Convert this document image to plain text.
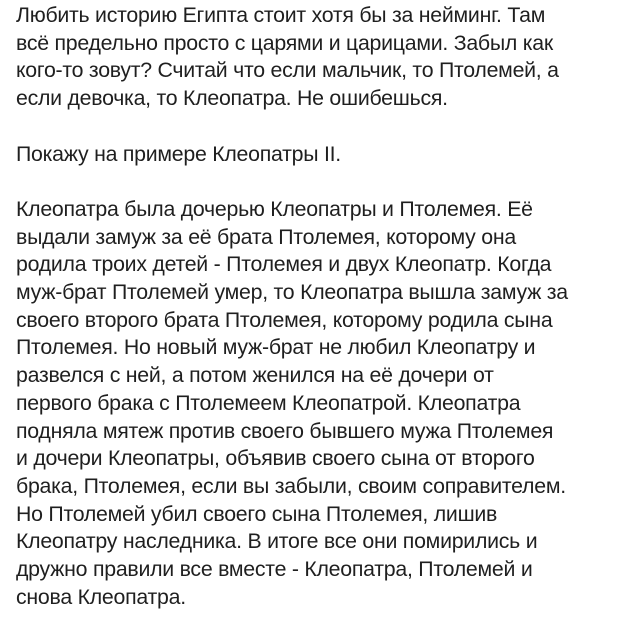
Любить историю Египта стоит хотя бы за нейминг. Там
всё предельно просто с царями и царицами. Забыл как
кого-то зовут? Считай что если мальчик, то Птолемей, а
если девочка, то Клеопатра. Не ошибешься.

Покажу на примере Клеопатры II.

Клеопатра была дочерью Клеопатры и Птолемея. Её
выдали замуж за её брата Птолемея, которому она
родила троих детей - Птолемея и двух Клеопатр. Когда
муж-брат Птолемей умер, то Клеопатра вышла замуж за
своего второго брата Птолемея, которому родила сына
Птолемея. Но новый муж-брат не любил Клеопатру и
развелся с ней, а потом женился на её дочери от
первого брака с Птолемеем Клеопатрой. Клеопатра
подняла мятеж против своего бывшего мужа Птолемея
и дочери Клеопатры, объявив своего сына от второго
брака, Птолемея, если вы забыли, своим соправителем.
Но Птолемей убил своего сына Птолемея, лишив
Клеопатру наследника. В итоге все они помирились и
дружно правили все вместе - Клеопатра, Птолемей и
снова Клеопатра.
